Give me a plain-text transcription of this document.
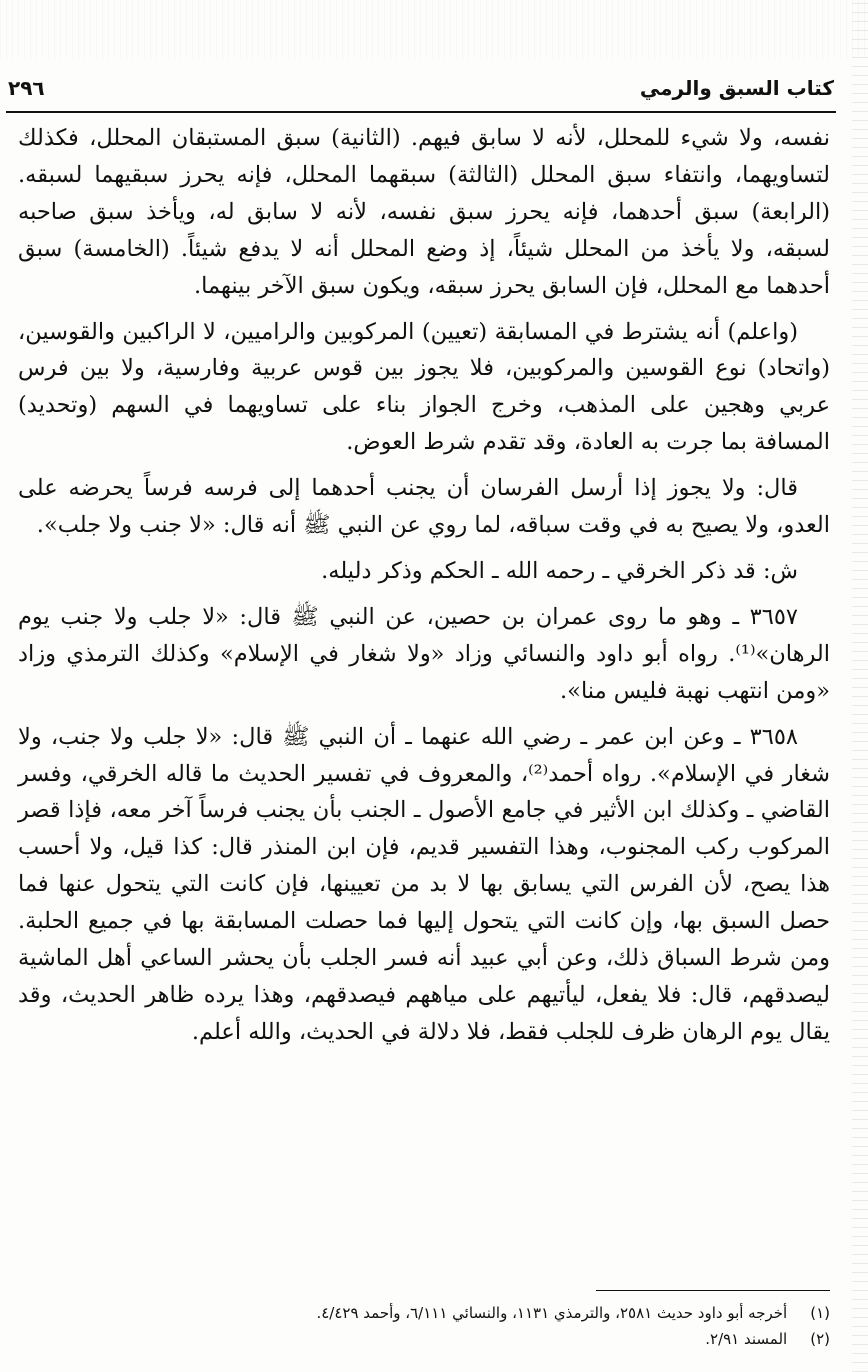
كتاب السبق والرمي
٢٩٦

نفسه، ولا شيء للمحلل، لأنه لا سابق فيهم. (الثانية) سبق المستبقان المحلل، فكذلك لتساويهما، وانتفاء سبق المحلل (الثالثة) سبقهما المحلل، فإنه يحرز سبقيهما لسبقه. (الرابعة) سبق أحدهما، فإنه يحرز سبق نفسه، لأنه لا سابق له، ويأخذ سبق صاحبه لسبقه، ولا يأخذ من المحلل شيئاً، إذ وضع المحلل أنه لا يدفع شيئاً. (الخامسة) سبق أحدهما مع المحلل، فإن السابق يحرز سبقه، ويكون سبق الآخر بينهما.

(واعلم) أنه يشترط في المسابقة (تعيين) المركوبين والراميين، لا الراكبين والقوسين، (واتحاد) نوع القوسين والمركوبين، فلا يجوز بين قوس عربية وفارسية، ولا بين فرس عربي وهجين على المذهب، وخرج الجواز بناء على تساويهما في السهم (وتحديد) المسافة بما جرت به العادة، وقد تقدم شرط العوض.

قال: ولا يجوز إذا أرسل الفرسان أن يجنب أحدهما إلى فرسه فرساً يحرضه على العدو، ولا يصيح به في وقت سباقه، لما روي عن النبي ﷺ أنه قال: «لا جنب ولا جلب».

ش: قد ذكر الخرقي ـ رحمه الله ـ الحكم وذكر دليله.

٣٦٥٧ ـ وهو ما روى عمران بن حصين، عن النبي ﷺ قال: «لا جلب ولا جنب يوم الرهان»⁽¹⁾. رواه أبو داود والنسائي وزاد «ولا شغار في الإسلام» وكذلك الترمذي وزاد «ومن انتهب نهبة فليس منا».

٣٦٥٨ ـ وعن ابن عمر ـ رضي الله عنهما ـ أن النبي ﷺ قال: «لا جلب ولا جنب، ولا شغار في الإسلام». رواه أحمد⁽²⁾، والمعروف في تفسير الحديث ما قاله الخرقي، وفسر القاضي ـ وكذلك ابن الأثير في جامع الأصول ـ الجنب بأن يجنب فرساً آخر معه، فإذا قصر المركوب ركب المجنوب، وهذا التفسير قديم، فإن ابن المنذر قال: كذا قيل، ولا أحسب هذا يصح، لأن الفرس التي يسابق بها لا بد من تعيينها، فإن كانت التي يتحول عنها فما حصل السبق بها، وإن كانت التي يتحول إليها فما حصلت المسابقة بها في جميع الحلبة. ومن شرط السباق ذلك، وعن أبي عبيد أنه فسر الجلب بأن يحشر الساعي أهل الماشية ليصدقهم، قال: فلا يفعل، ليأتيهم على مياههم فيصدقهم، وهذا يرده ظاهر الحديث، وقد يقال يوم الرهان ظرف للجلب فقط، فلا دلالة في الحديث، والله أعلم.

(١) أخرجه أبو داود حديث ٢٥٨١، والترمذي ١١٣١، والنسائي ٦/١١١، وأحمد ٤/٤٢٩.
(٢) المسند ٢/٩١.
